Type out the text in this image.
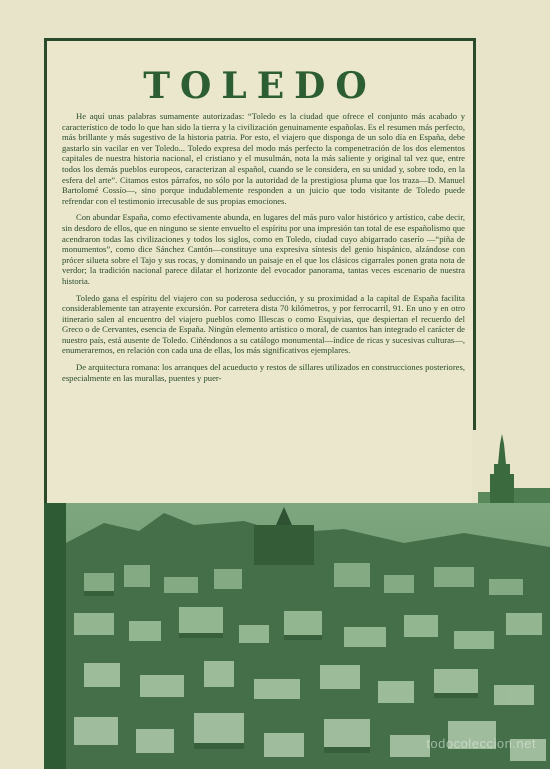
TOLEDO

He aquí unas palabras sumamente autorizadas: “Toledo es la ciudad que ofrece el conjunto más acabado y característico de todo lo que han sido la tierra y la civilización genuinamente españolas. Es el resumen más perfecto, más brillante y más sugestivo de la historia patria. Por esto, el viajero que disponga de un solo día en España, debe gastarlo sin vacilar en ver Toledo... Toledo expresa del modo más perfecto la compenetración de los dos elementos capitales de nuestra historia nacional, el cristiano y el musulmán, nota la más saliente y original tal vez que, entre todos los demás pueblos europeos, caracterizan al español, cuando se le considera, en su unidad y, sobre todo, en la esfera del arte”. Citamos estos párrafos, no sólo por la autoridad de la prestigiosa pluma que los traza—D. Manuel Bartolomé Cossío—, sino porque indudablemente responden a un juicio que todo visitante de Toledo puede refrendar con el testimonio irrecusable de sus propias emociones.

Con abundar España, como efectivamente abunda, en lugares del más puro valor histórico y artístico, cabe decir, sin desdoro de ellos, que en ninguno se siente envuelto el espíritu por una impresión tan total de ese españolismo que acendraron todas las civilizaciones y todos los siglos, como en Toledo, ciudad cuyo abigarrado caserío —“piña de monumentos”, como dice Sánchez Cantón—constituye una expresiva síntesis del genio hispánico, alzándose con prócer silueta sobre el Tajo y sus rocas, y dominando un paisaje en el que los clásicos cigarrales ponen grata nota de verdor; la tradición nacional parece dilatar el horizonte del evocador panorama, tantas veces escenario de nuestra historia.

Toledo gana el espíritu del viajero con su poderosa seducción, y su proximidad a la capital de España facilita considerablemente tan atrayente excursión. Por carretera dista 70 kilómetros, y por ferrocarril, 91. En uno y en otro itinerario salen al encuentro del viajero pueblos como Illescas o como Esquivias, que despiertan el recuerdo del Greco o de Cervantes, esencia de España. Ningún elemento artístico o moral, de cuantos han integrado el carácter de nuestro país, está ausente de Toledo. Ciñéndonos a su catálogo monumental—índice de ricas y sucesivas culturas—, enumeraremos, en relación con cada una de ellas, los más significativos ejemplares.

De arquitectura romana: los arranques del acueducto y restos de sillares utilizados en construcciones posteriores, especialmente en las murallas, puentes y puer-

todocoleccion.net
